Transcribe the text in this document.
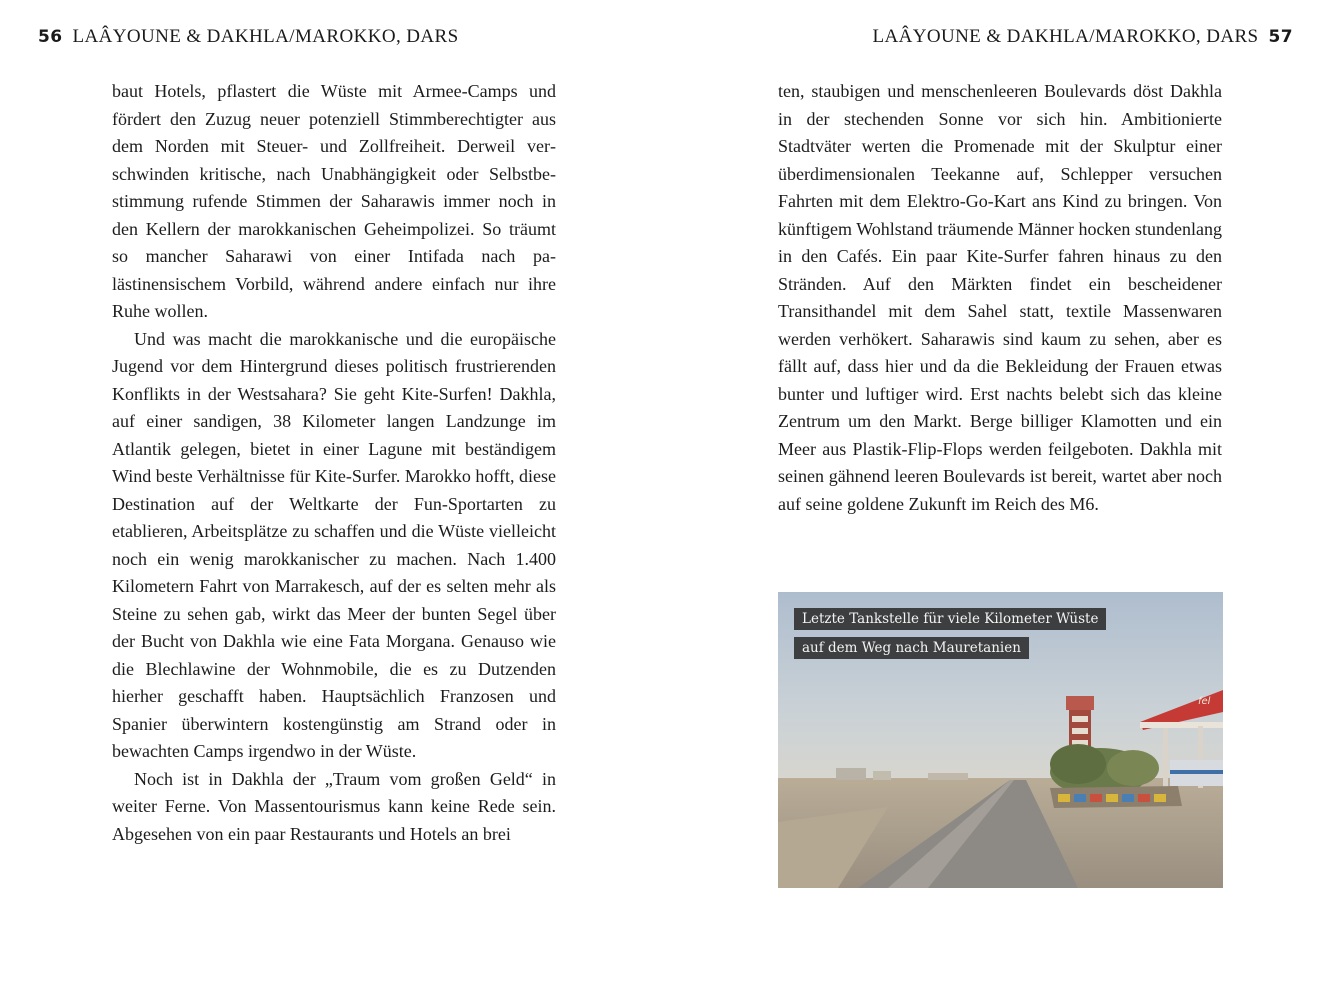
56 LAÂYOUNE & DAKHLA/MAROKKO, DARS	LAÂYOUNE & DAKHLA/MAROKKO, DARS 57

baut Hotels, pflastert die Wüste mit Armee-Camps und fördert den Zuzug neuer potenziell Stimmberechtigter aus dem Norden mit Steuer- und Zollfreiheit. Derweil verschwinden kritische, nach Unabhängigkeit oder Selbstbestimmung rufende Stimmen der Saharawis immer noch in den Kellern der marokkanischen Geheimpolizei. So träumt so mancher Saharawi von einer Intifada nach palästinensischem Vorbild, während andere einfach nur ihre Ruhe wollen.

Und was macht die marokkanische und die europäische Jugend vor dem Hintergrund dieses politisch frustrierenden Konflikts in der Westsahara? Sie geht Kite-Surfen! Dakhla, auf einer sandigen, 38 Kilometer langen Landzunge im Atlantik gelegen, bietet in einer Lagune mit beständigem Wind beste Verhältnisse für Kite-Surfer. Marokko hofft, diese Destination auf der Weltkarte der Fun-Sportarten zu etablieren, Arbeitsplätze zu schaffen und die Wüste vielleicht noch ein wenig marokkanischer zu machen. Nach 1.400 Kilometern Fahrt von Marrakesch, auf der es selten mehr als Steine zu sehen gab, wirkt das Meer der bunten Segel über der Bucht von Dakhla wie eine Fata Morgana. Genauso wie die Blechlawine der Wohnmobile, die es zu Dutzenden hierher geschafft haben. Hauptsächlich Franzosen und Spanier überwintern kostengünstig am Strand oder in bewachten Camps irgendwo in der Wüste.

Noch ist in Dakhla der „Traum vom großen Geld“ in weiter Ferne. Von Massentourismus kann keine Rede sein. Abgesehen von ein paar Restaurants und Hotels an brei

ten, staubigen und menschenleeren Boulevards döst Dakhla in der stechenden Sonne vor sich hin. Ambitionierte Stadtväter werten die Promenade mit der Skulptur einer überdimensionalen Teekanne auf, Schlepper versuchen Fahrten mit dem Elektro-Go-Kart ans Kind zu bringen. Von künftigem Wohlstand träumende Männer hocken stundenlang in den Cafés. Ein paar Kite-Surfer fahren hinaus zu den Stränden. Auf den Märkten findet ein bescheidener Transithandel mit dem Sahel statt, textile Massenwaren werden verhökert. Saharawis sind kaum zu sehen, aber es fällt auf, dass hier und da die Bekleidung der Frauen etwas bunter und luftiger wird. Erst nachts belebt sich das kleine Zentrum um den Markt. Berge billiger Klamotten und ein Meer aus Plastik-Flip-Flops werden feilgeboten. Dakhla mit seinen gähnend leeren Boulevards ist bereit, wartet aber noch auf seine goldene Zukunft im Reich des M6.

fel
Letzte Tankstelle für viele Kilometer Wüste
auf dem Weg nach Mauretanien
